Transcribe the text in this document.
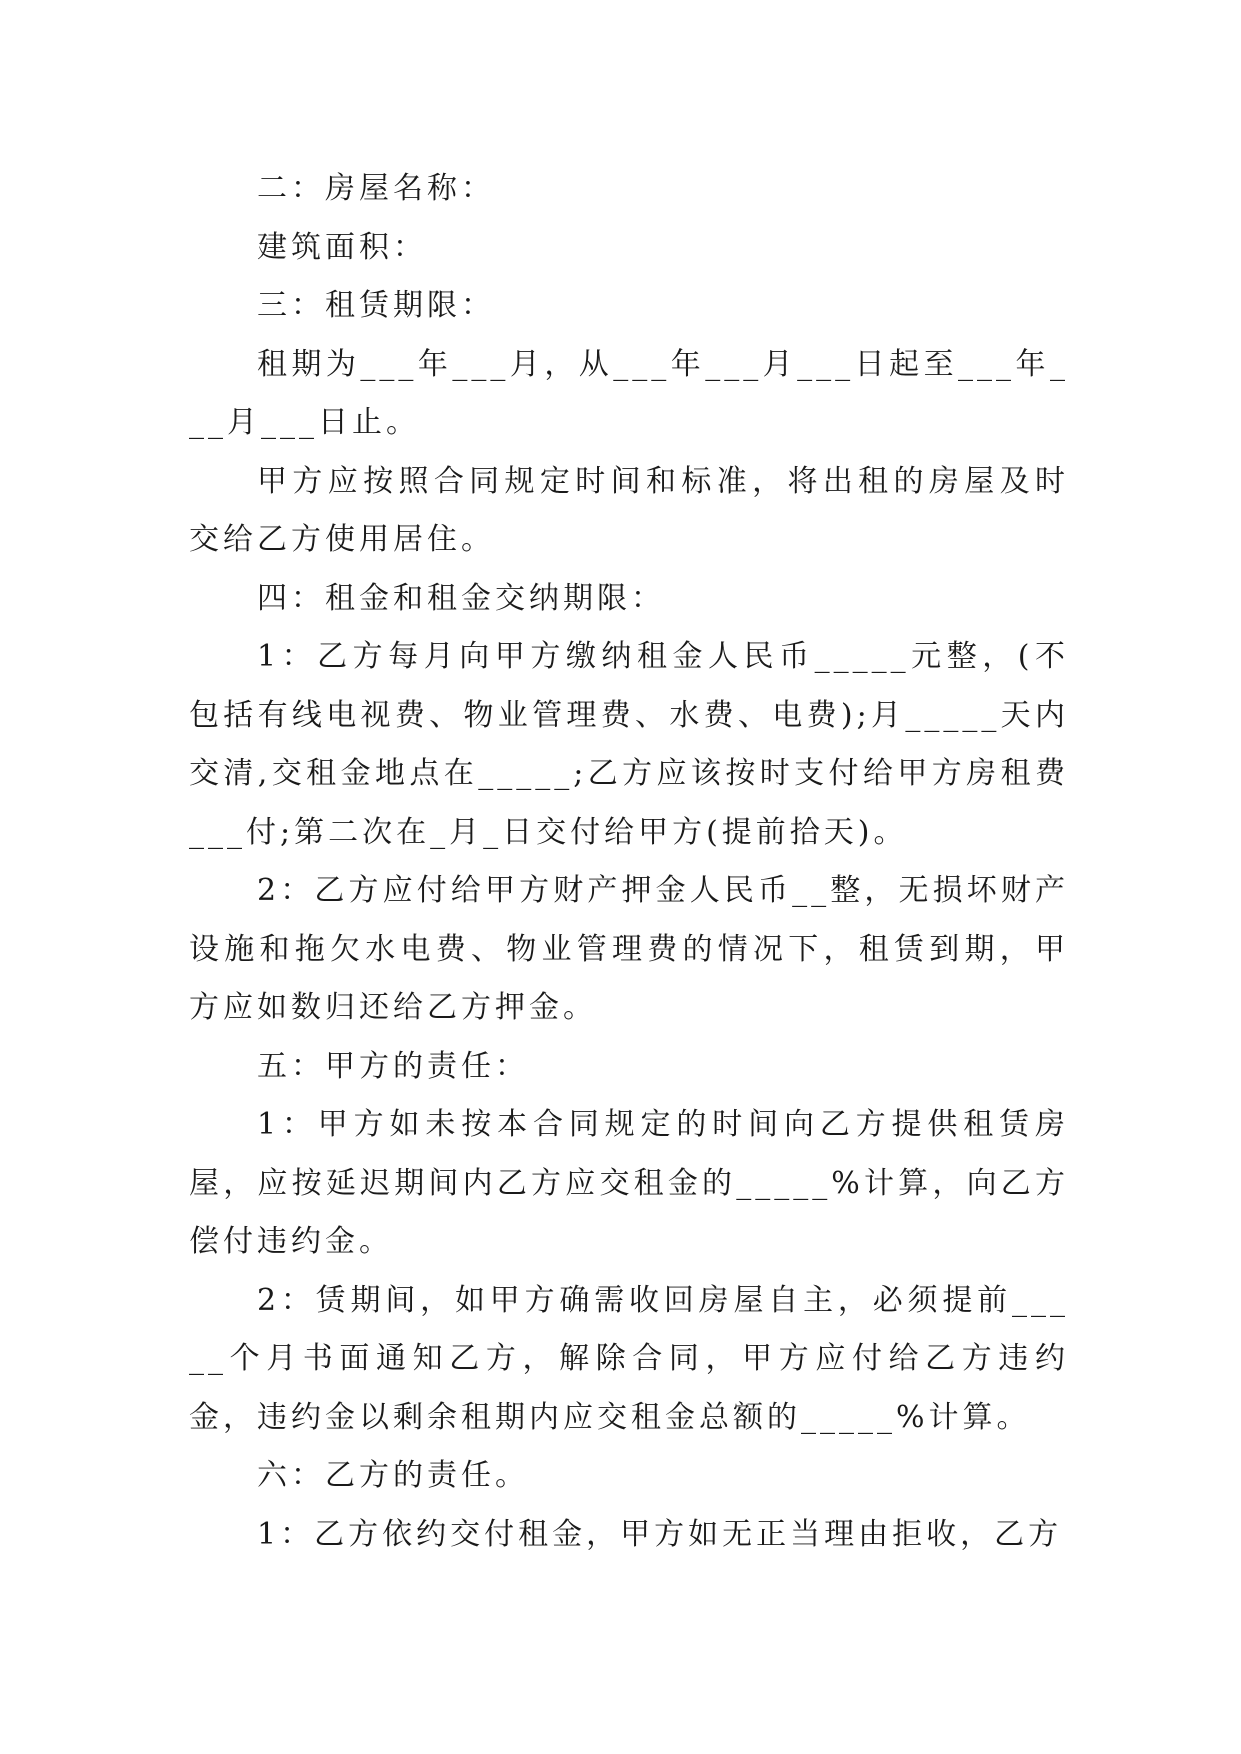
二：房屋名称：

建筑面积：

三：租赁期限：

租期为___年___月，从___年___月___日起至___年___月___日止。

甲方应按照合同规定时间和标准，将出租的房屋及时交给乙方使用居住。

四：租金和租金交纳期限：

1：乙方每月向甲方缴纳租金人民币_____元整，(不包括有线电视费、物业管理费、水费、电费);月_____天内交清,交租金地点在_____;乙方应该按时支付给甲方房租费___付;第二次在_月_日交付给甲方(提前拾天)。

2：乙方应付给甲方财产押金人民币__整，无损坏财产设施和拖欠水电费、物业管理费的情况下，租赁到期，甲方应如数归还给乙方押金。

五：甲方的责任：

1：甲方如未按本合同规定的时间向乙方提供租赁房屋，应按延迟期间内乙方应交租金的_____%计算，向乙方偿付违约金。

2：赁期间，如甲方确需收回房屋自主，必须提前_____个月书面通知乙方，解除合同，甲方应付给乙方违约金，违约金以剩余租期内应交租金总额的_____%计算。

六：乙方的责任。

1：乙方依约交付租金，甲方如无正当理由拒收，乙方
